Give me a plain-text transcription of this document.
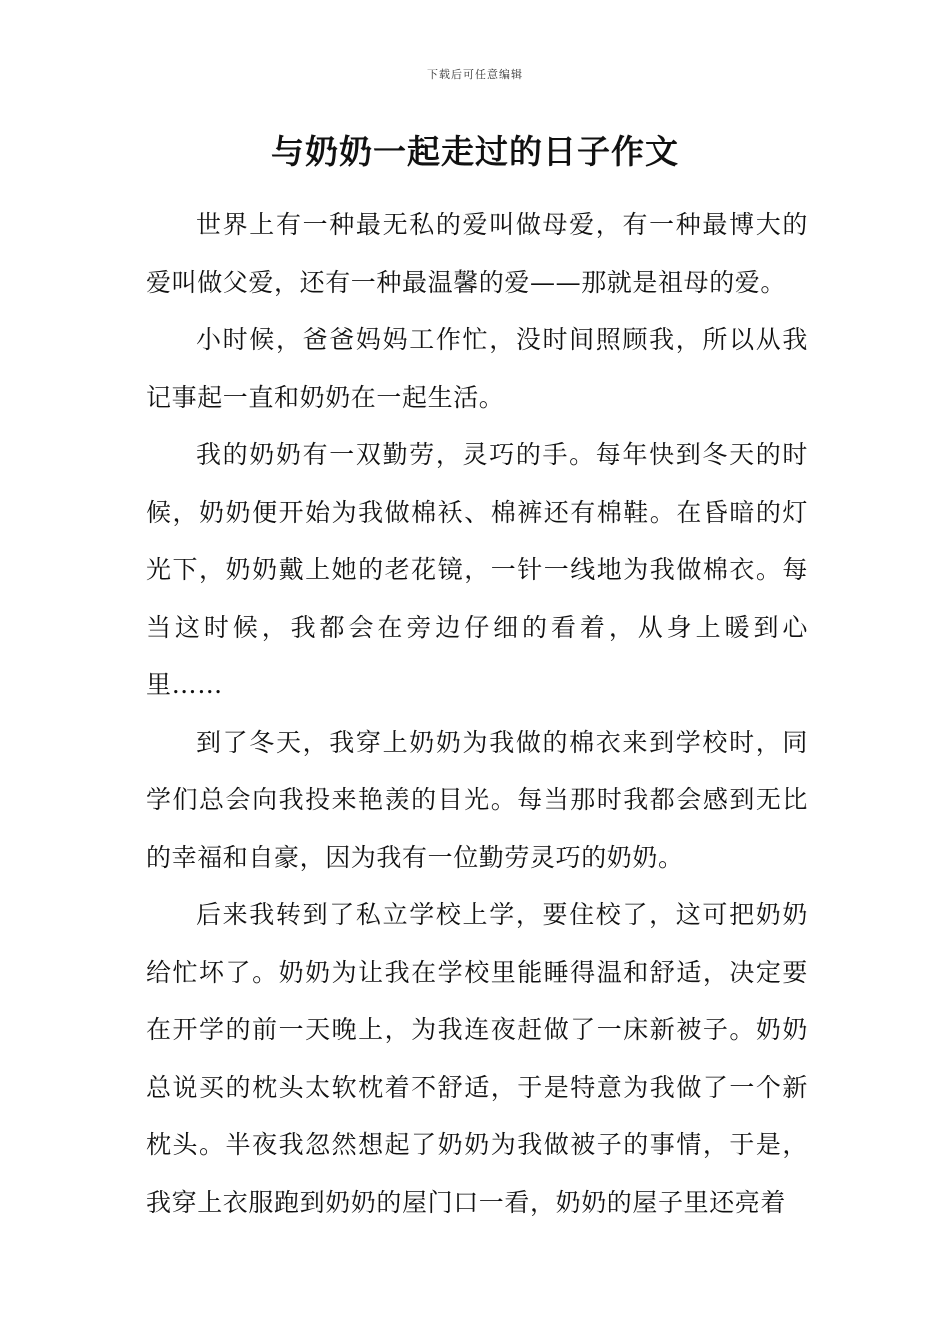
下载后可任意编辑
与奶奶一起走过的日子作文

世界上有一种最无私的爱叫做母爱，有一种最博大的爱叫做父爱，还有一种最温馨的爱——那就是祖母的爱。

小时候，爸爸妈妈工作忙，没时间照顾我，所以从我记事起一直和奶奶在一起生活。

我的奶奶有一双勤劳，灵巧的手。每年快到冬天的时候，奶奶便开始为我做棉袄、棉裤还有棉鞋。在昏暗的灯光下，奶奶戴上她的老花镜，一针一线地为我做棉衣。每当这时候，我都会在旁边仔细的看着，从身上暖到心里……

到了冬天，我穿上奶奶为我做的棉衣来到学校时，同学们总会向我投来艳羡的目光。每当那时我都会感到无比的幸福和自豪，因为我有一位勤劳灵巧的奶奶。

后来我转到了私立学校上学，要住校了，这可把奶奶给忙坏了。奶奶为让我在学校里能睡得温和舒适，决定要在开学的前一天晚上，为我连夜赶做了一床新被子。奶奶总说买的枕头太软枕着不舒适，于是特意为我做了一个新枕头。半夜我忽然想起了奶奶为我做被子的事情，于是，我穿上衣服跑到奶奶的屋门口一看，奶奶的屋子里还亮着
